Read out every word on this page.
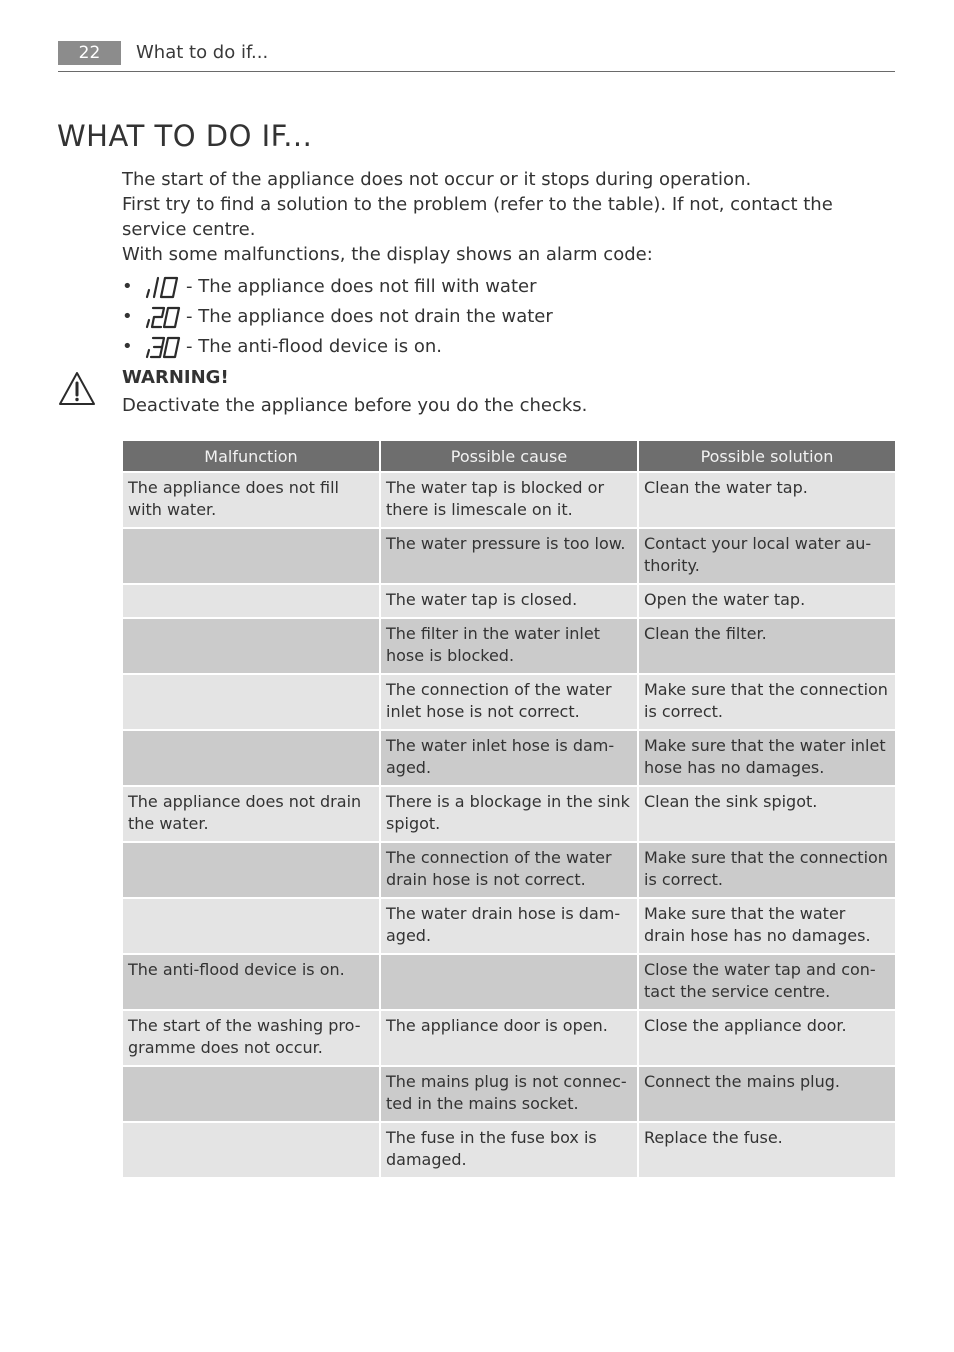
22	What to do if...
WHAT TO DO IF...

The start of the appliance does not occur or it stops during operation.

First try to find a solution to the problem (refer to the table). If not, contact the service centre.

With some malfunctions, the display shows an alarm code:

•	- The appliance does not fill with water
•	- The appliance does not drain the water
•	- The anti-flood device is on.
WARNING!
Deactivate the appliance before you do the checks.
Malfunction	Possible cause	Possible solution
The appliance does not fill with water.	The water tap is blocked or there is limescale on it.	Clean the water tap.
	The water pressure is too low.	Contact your local water au-thority.
	The water tap is closed.	Open the water tap.
	The filter in the water inlet hose is blocked.	Clean the filter.
	The connection of the water inlet hose is not correct.	Make sure that the connection is correct.
	The water inlet hose is dam-aged.	Make sure that the water inlet hose has no damages.
The appliance does not drain the water.	There is a blockage in the sink spigot.	Clean the sink spigot.
	The connection of the water drain hose is not correct.	Make sure that the connection is correct.
	The water drain hose is dam-aged.	Make sure that the water drain hose has no damages.
The anti-flood device is on.		Close the water tap and con-tact the service centre.
The start of the washing pro-gramme does not occur.	The appliance door is open.	Close the appliance door.
	The mains plug is not connec-ted in the mains socket.	Connect the mains plug.
	The fuse in the fuse box is damaged.	Replace the fuse.
